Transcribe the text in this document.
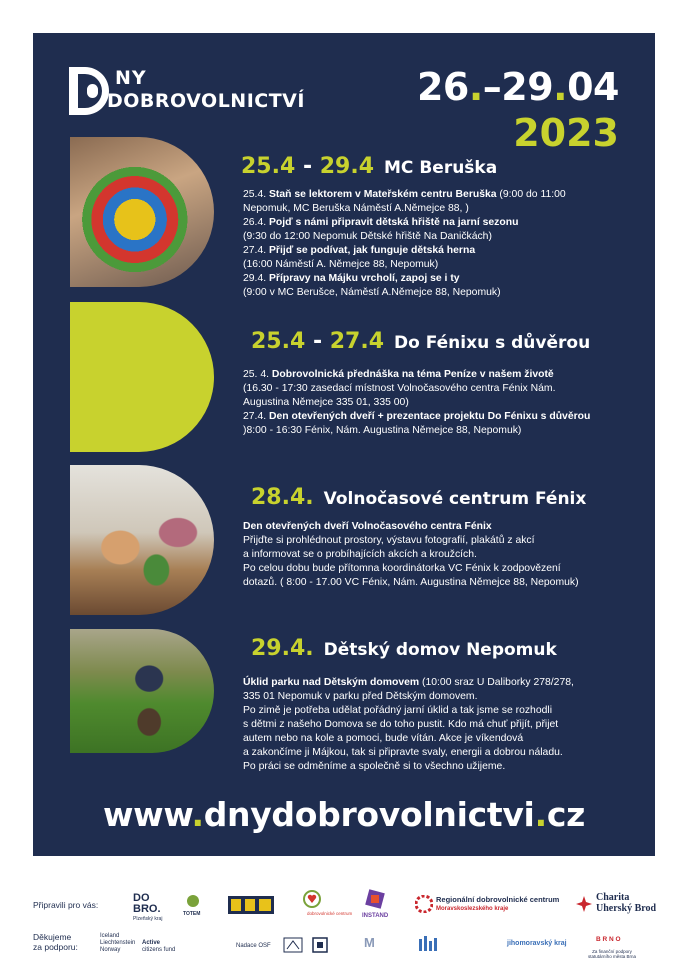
NY
DOBROVOLNICTVÍ	26.–29.04
2023
25.4 - 29.4 MC Beruška
25.4. Staň se lektorem v Mateřském centru Beruška (9:00 do 11:00
Nepomuk, MC Beruška Náměstí A.Němejce 88, )
26.4. Pojď s námi připravit dětská hřiště na jarní sezonu
(9:30 do 12:00 Nepomuk Dětské hřiště Na Daničkách)
27.4. Přijď se podívat, jak funguje dětská herna
(16:00 Náměstí A. Němejce 88, Nepomuk)
29.4. Přípravy na Májku vrcholí, zapoj se i ty
(9:00 v MC Berušce, Náměstí A.Němejce 88, Nepomuk)
25.4 - 27.4 Do Fénixu s důvěrou
25. 4. Dobrovolnická přednáška na téma Peníze v našem životě
(16.30 - 17:30 zasedací místnost Volnočasového centra Fénix Nám.
Augustina Němejce 335 01, 335 00)
27.4. Den otevřených dveří + prezentace projektu Do Fénixu s důvěrou
)8:00 - 16:30 Fénix, Nám. Augustina Němejce 88, Nepomuk)
28.4. Volnočasové centrum Fénix
Den otevřených dveří Volnočasového centra Fénix
Přijďte si prohlédnout prostory, výstavu fotografií, plakátů z akcí
a informovat se o probíhajících akcích a kroužcích.
Po celou dobu bude přítomna koordinátorka VC Fénix k zodpovězení
dotazů. ( 8:00 - 17.00 VC Fénix, Nám. Augustina Němejce 88, Nepomuk)
29.4. Dětský domov Nepomuk
Úklid parku nad Dětským domovem (10:00 sraz U Daliborky 278/278,
335 01 Nepomuk v parku před Dětským domovem.
Po zimě je potřeba udělat pořádný jarní úklid a tak jsme se rozhodli
s dětmi z našeho Domova se do toho pustit. Kdo má chuť přijít, přijet
autem nebo na kole a pomoci, bude vítán. Akce je víkendová
a zakončíme ji Májkou, tak si připravte svaly, energii a dobrou náladu.
Po práci se odměníme a společně si to všechno užijeme.
www.dnydobrovolnictvi.cz
Připravili pro vás:
Děkujeme
za podporu:
DO
BRO.
Plzeňský kraj
TOTEM	dobrovolnické centrum INSTAND
Regionální dobrovolnické centrum
Moravskoslezského kraje
Charita
Uherský Brod
Iceland
Liechtenstein
Norway
Active
citizens fund
Nadace OSF	M	jihomoravský kraj
B R N O
Za finanční podpory
statutárního města Brna
